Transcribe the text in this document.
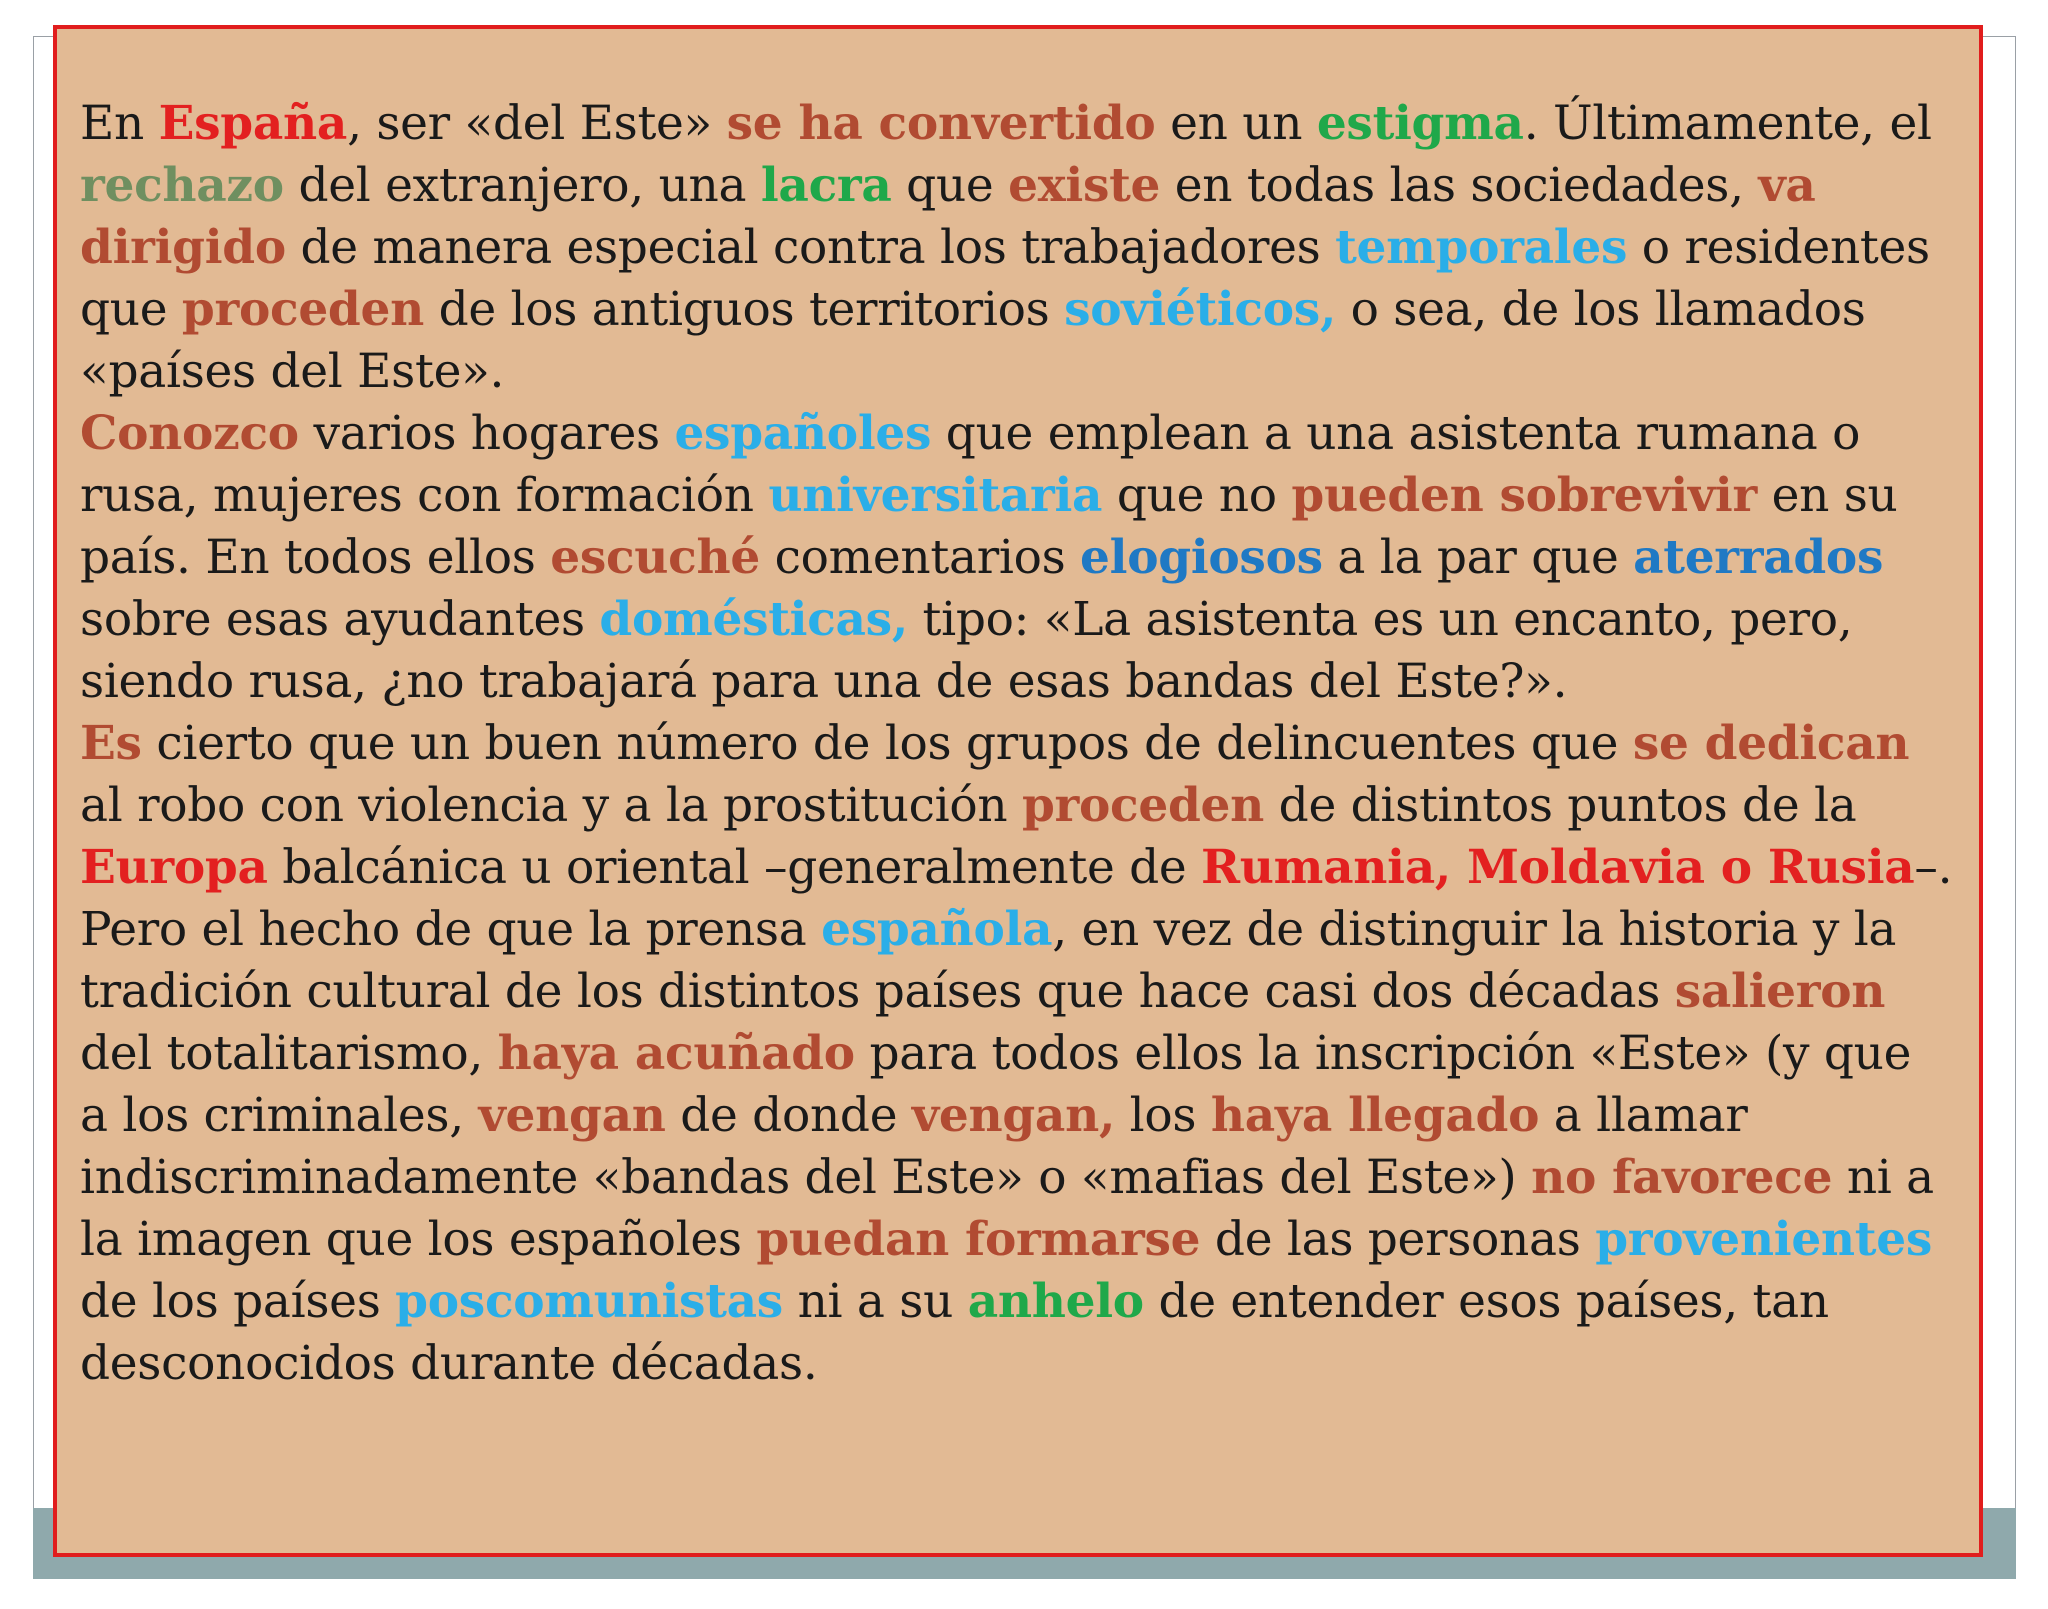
En España, ser «del Este» se ha convertido en un estigma. Últimamente, el rechazo del extranjero, una lacra que existe en todas las sociedades, va dirigido de manera especial contra los trabajadores temporales o residentes que proceden de los antiguos territorios soviéticos, o sea, de los llamados «países del Este».

Conozco varios hogares españoles que emplean a una asistenta rumana o rusa, mujeres con formación universitaria que no pueden sobrevivir en su país. En todos ellos escuché comentarios elogiosos a la par que aterrados sobre esas ayudantes domésticas, tipo: «La asistenta es un encanto, pero, siendo rusa, ¿no trabajará para una de esas bandas del Este?».

Es cierto que un buen número de los grupos de delincuentes que se dedican al robo con violencia y a la prostitución proceden de distintos puntos de la Europa balcánica u oriental –generalmente de Rumania, Moldavia o Rusia–. Pero el hecho de que la prensa española, en vez de distinguir la historia y la tradición cultural de los distintos países que hace casi dos décadas salieron del totalitarismo, haya acuñado para todos ellos la inscripción «Este» (y que a los criminales, vengan de donde vengan, los haya llegado a llamar indiscriminadamente «bandas del Este» o «mafias del Este») no favorece ni a la imagen que los españoles puedan formarse de las personas provenientes de los países poscomunistas ni a su anhelo de entender esos países, tan desconocidos durante décadas.
